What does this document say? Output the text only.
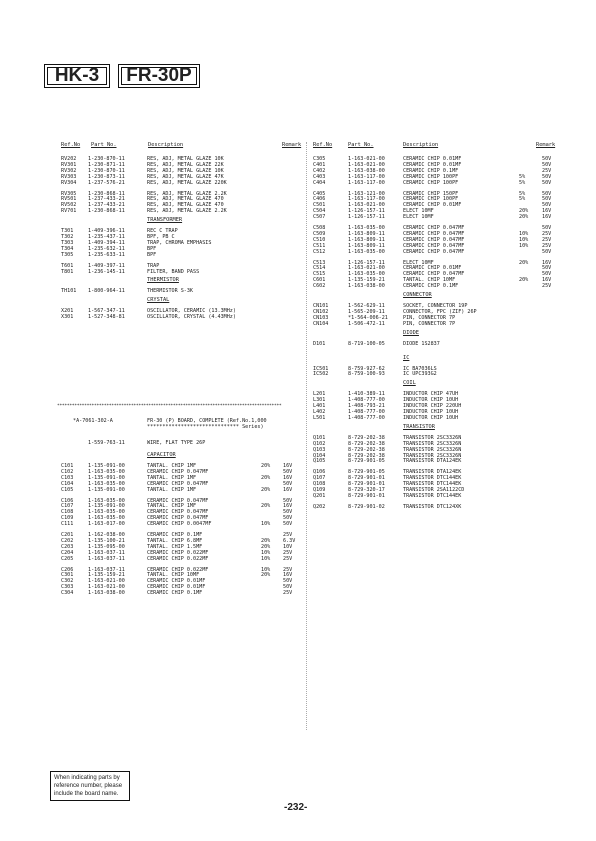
HK-3	FR-30P
Ref.No Part No.	Description	Remark Ref.No	Part No.	Description	Remark
RV202 1-230-870-11	RES, ADJ, METAL GLAZE 10K
RV301 1-230-871-11	RES, ADJ, METAL GLAZE 22K
RV302 1-230-870-11	RES, ADJ, METAL GLAZE 10K
RV303 1-230-873-11	RES, ADJ, METAL GLAZE 47K
RV304 1-237-576-21	RES, ADJ, METAL GLAZE 220K
RV305 1-230-868-11	RES, ADJ, METAL GLAZE 2.2K
RV501 1-237-433-21	RES, ADJ, METAL GLAZE 470
RV502 1-237-433-21	RES, ADJ, METAL GLAZE 470
RV701 1-230-868-11	RES, ADJ, METAL GLAZE 2.2K
TRANSFORMER
T301	1-409-396-11	REC C TRAP
T302	1-235-437-11	BPF, PB C
T303	1-409-394-11	TRAP, CHROMA EMPHASIS
T304	1-235-632-11	BPF
T305	1-235-633-11	BPF
T601	1-409-397-11	TRAP
T801	1-236-145-11	FILTER, BAND PASS
THERMISTOR
TH101 1-800-964-11	THERMISTOR S-3K
CRYSTAL
X201	1-567-347-11	OSCILLATOR, CERAMIC (13.3MHz)
X301	1-527-348-81	OSCILLATOR, CRYSTAL (4.43MHz)
*******************************************************************************************
*A-7061-302-A	FR-30 (P) BOARD, COMPLETE (Ref.No.1,000
****************************** Series)
1-559-763-11	WIRE, FLAT TYPE 26P
CAPACITOR
C101	1-135-091-00	TANTAL. CHIP 1MF	20%	16V
C102	1-163-035-00	CERAMIC CHIP 0.047MF	50V
C103	1-135-091-00	TANTAL. CHIP 1MF	20%	16V
C104	1-163-035-00	CERAMIC CHIP 0.047MF	50V
C105	1-135-091-00	TANTAL. CHIP 1MF	20%	16V
C106	1-163-035-00	CERAMIC CHIP 0.047MF	50V
C107	1-135-091-00	TANTAL. CHIP 1MF	20%	16V
C108	1-163-035-00	CERAMIC CHIP 0.047MF	50V
C109	1-163-035-00	CERAMIC CHIP 0.047MF	50V
C111	1-163-017-00	CERAMIC CHIP 0.0047MF	10%	50V
C201	1-162-038-00	CERAMIC CHIP 0.1MF	25V
C202	1-135-100-21	TANTAL. CHIP 6.8MF	20%	6.3V
C203	1-135-095-00	TANTAL. CHIP 1.5MF	20%	10V
C204	1-163-037-11	CERAMIC CHIP 0.022MF	10%	25V
C205	1-163-037-11	CERAMIC CHIP 0.022MF	10%	25V
C206	1-163-037-11	CERAMIC CHIP 0.022MF	10%	25V
C301	1-135-159-21	TANTAL. CHIP 10MF	20%	16V
C302	1-163-021-00	CERAMIC CHIP 0.01MF	50V
C303	1-163-021-00	CERAMIC CHIP 0.01MF	50V
C304	1-163-038-00	CERAMIC CHIP 0.1MF	25V
C305	1-163-021-00	CERAMIC CHIP 0.01MF	50V
C401	1-163-021-00	CERAMIC CHIP 0.01MF	50V
C402	1-163-038-00	CERAMIC CHIP 0.1MF	25V
C403	1-163-117-00	CERAMIC CHIP 100PF	5%	50V
C404	1-163-117-00	CERAMIC CHIP 100PF	5%	50V
C405	1-163-121-00	CERAMIC CHIP 150PF	5%	50V
C406	1-163-117-00	CERAMIC CHIP 100PF	5%	50V
C501	1-163-021-00	CERAMIC CHIP 0.01MF	50V
C504	1-126-157-11	ELECT 10MF	20%	16V
C507	1-126-157-11	ELECT 10MF	20%	16V
C508	1-163-035-00	CERAMIC CHIP 0.047MF	50V
C509	1-163-809-11	CERAMIC CHIP 0.047MF	10%	25V
C510	1-163-809-11	CERAMIC CHIP 0.047MF	10%	25V
C511	1-163-809-11	CERAMIC CHIP 0.047MF	10%	25V
C512	1-163-035-00	CERAMIC CHIP 0.047MF	50V
C513	1-126-157-11	ELECT 10MF	20%	16V
C514	1-163-021-00	CERAMIC CHIP 0.01MF	50V
C515	1-163-035-00	CERAMIC CHIP 0.047MF	50V
C601	1-135-159-21	TANTAL. CHIP 10MF	20%	16V
C602	1-163-038-00	CERAMIC CHIP 0.1MF	25V
CONNECTOR
CN101	1-562-629-11	SOCKET, CONNECTOR 19P
CN102	1-565-209-11	CONNECTOR, FPC (ZIF) 26P
CN103	*1-564-006-21	PIN, CONNECTOR 7P
CN104	1-506-472-11	PIN, CONNECTOR 7P
DIODE
D101	8-719-100-05	DIODE 1S2837
IC
IC501	8-759-927-62	IC BA7036LS
IC502	8-759-100-93	IC UPC393G2
COIL
L201	1-410-389-11	INDUCTOR CHIP 47UH
L301	1-408-777-00	INDUCTOR CHIP 10UH
L401	1-408-793-21	INDUCTOR CHIP 220UH
L402	1-408-777-00	INDUCTOR CHIP 10UH
L501	1-408-777-00	INDUCTOR CHIP 10UH
TRANSISTOR
Q101	8-729-202-38	TRANSISTOR 2SC3326N
Q102	8-729-202-38	TRANSISTOR 2SC3326N
Q103	8-729-202-38	TRANSISTOR 2SC3326N
Q104	8-729-202-38	TRANSISTOR 2SC3326N
Q105	8-729-901-05	TRANSISTOR DTA124EK
Q106	8-729-901-05	TRANSISTOR DTA124EK
Q107	8-729-901-01	TRANSISTOR DTC144EK
Q108	8-729-901-01	TRANSISTOR DTC144EK
Q109	8-729-320-17	TRANSISTOR 2SA1122CD
Q201	8-729-901-01	TRANSISTOR DTC144EK
Q202	8-729-901-02	TRANSISTOR DTC124XK
When indicating parts by reference number, please include the board name.
-232-
